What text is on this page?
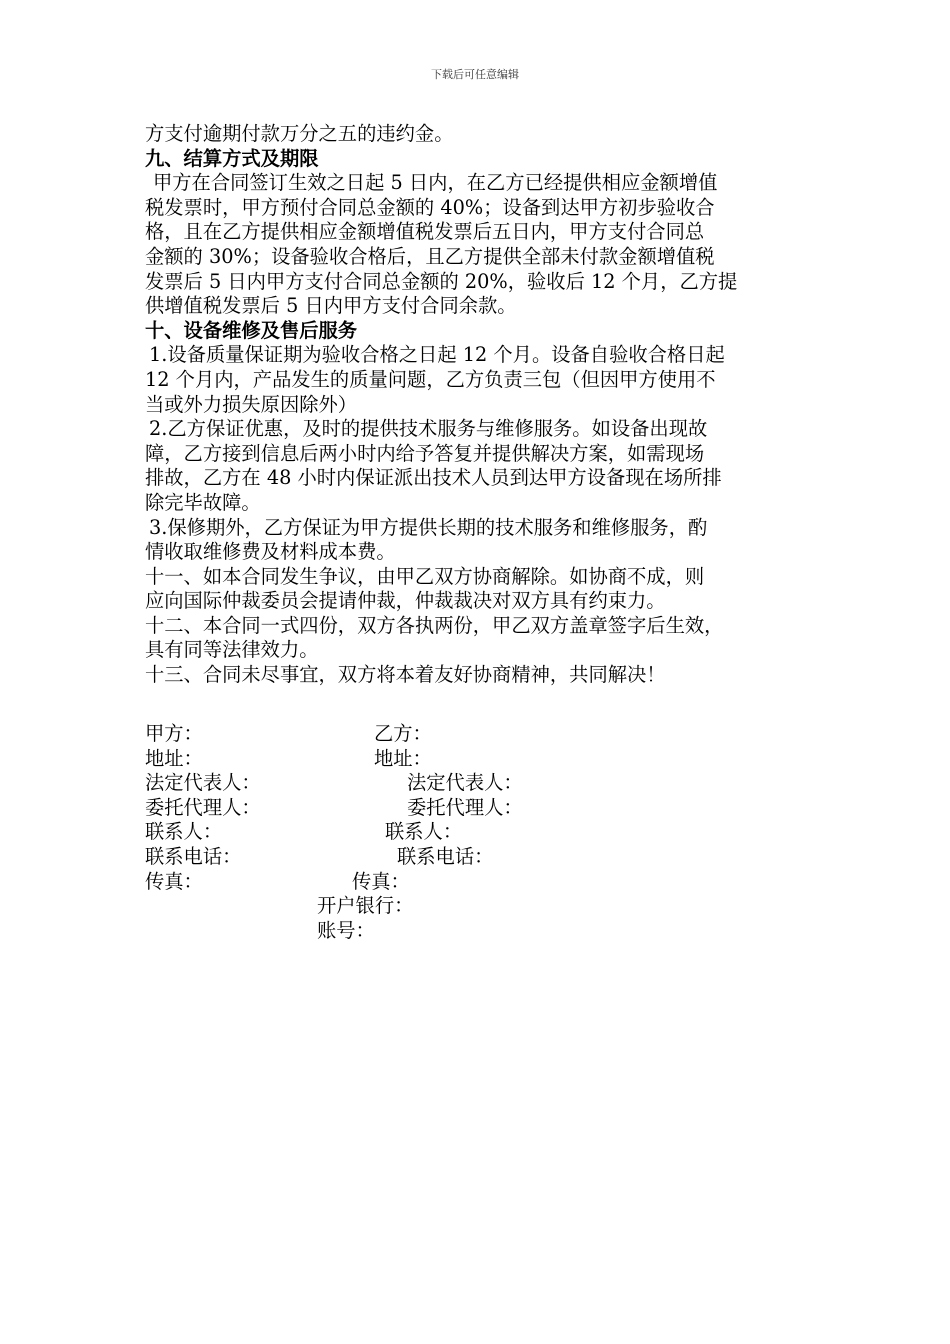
下载后可任意编辑
方支付逾期付款万分之五的违约金。
九、结算方式及期限
甲方在合同签订生效之日起 5 日内，在乙方已经提供相应金额增值
税发票时，甲方预付合同总金额的 40%；设备到达甲方初步验收合
格，且在乙方提供相应金额增值税发票后五日内，甲方支付合同总
金额的 30%；设备验收合格后，且乙方提供全部未付款金额增值税
发票后 5 日内甲方支付合同总金额的 20%，验收后 12 个月，乙方提
供增值税发票后 5 日内甲方支付合同余款。
十、设备维修及售后服务
1.设备质量保证期为验收合格之日起 12 个月。设备自验收合格日起
12 个月内，产品发生的质量问题，乙方负责三包（但因甲方使用不
当或外力损失原因除外）
2.乙方保证优惠，及时的提供技术服务与维修服务。如设备出现故
障，乙方接到信息后两小时内给予答复并提供解决方案，如需现场
排故，乙方在 48 小时内保证派出技术人员到达甲方设备现在场所排
除完毕故障。
3.保修期外，乙方保证为甲方提供长期的技术服务和维修服务，酌
情收取维修费及材料成本费。
十一、如本合同发生争议，由甲乙双方协商解除。如协商不成，则
应向国际仲裁委员会提请仲裁，仲裁裁决对双方具有约束力。
十二、本合同一式四份，双方各执两份，甲乙双方盖章签字后生效，
具有同等法律效力。
十三、合同未尽事宜，双方将本着友好协商精神，共同解决！
甲方：	乙方：
地址：	地址：
法定代表人：	法定代表人：
委托代理人：	委托代理人：
联系人：	联系人：
联系电话：	联系电话：
传真：	传真：
开户银行：
账号：
